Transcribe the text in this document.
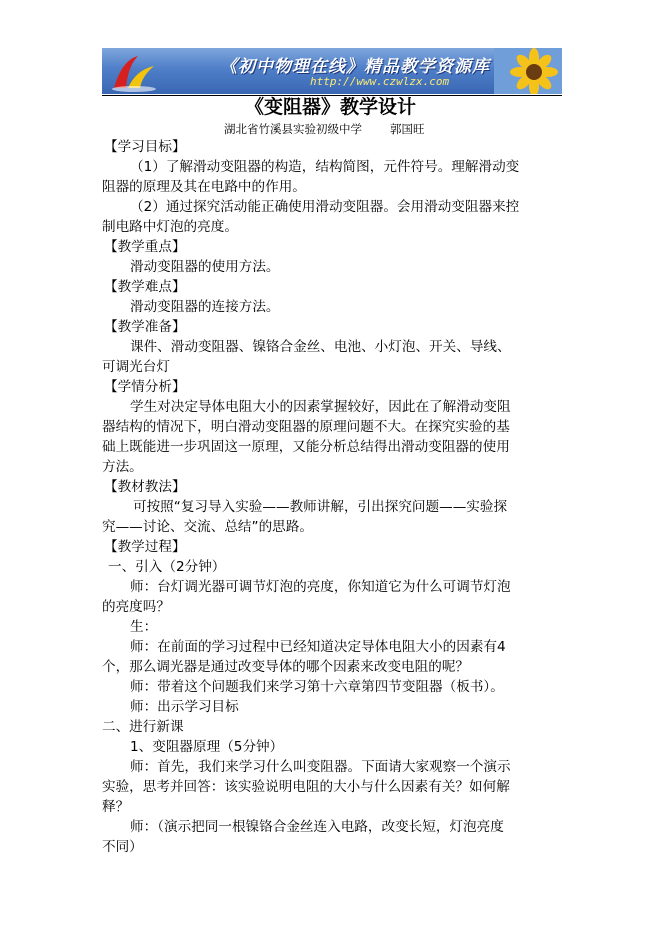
《初中物理在线》精品教学资源库
http://www.czwlzx.com
《变阻器》教学设计
湖北省竹溪县实验初级中学 郭国旺
【学习目标】
（1）了解滑动变阻器的构造，结构简图，元件符号。理解滑动变
阻器的原理及其在电路中的作用。
（2）通过探究活动能正确使用滑动变阻器。会用滑动变阻器来控
制电路中灯泡的亮度。
【教学重点】
滑动变阻器的使用方法。
【教学难点】
滑动变阻器的连接方法。
【教学准备】
课件、滑动变阻器、镍铬合金丝、电池、小灯泡、开关、导线、
可调光台灯
【学情分析】
学生对决定导体电阻大小的因素掌握较好，因此在了解滑动变阻
器结构的情况下，明白滑动变阻器的原理问题不大。在探究实验的基
础上既能进一步巩固这一原理，又能分析总结得出滑动变阻器的使用
方法。
【教材教法】
可按照“复习导入实验——教师讲解，引出探究问题——实验探
究——讨论、交流、总结”的思路。
【教学过程】
一、引入（2分钟）
师：台灯调光器可调节灯泡的亮度，你知道它为什么可调节灯泡
的亮度吗？
生：
师：在前面的学习过程中已经知道决定导体电阻大小的因素有4
个，那么调光器是通过改变导体的哪个因素来改变电阻的呢？
师：带着这个问题我们来学习第十六章第四节变阻器（板书）。
师：出示学习目标
二、进行新课
1、变阻器原理（5分钟）
师：首先，我们来学习什么叫变阻器。下面请大家观察一个演示
实验，思考并回答：该实验说明电阻的大小与什么因素有关？如何解
释？
师：（演示把同一根镍铬合金丝连入电路，改变长短，灯泡亮度
不同）
